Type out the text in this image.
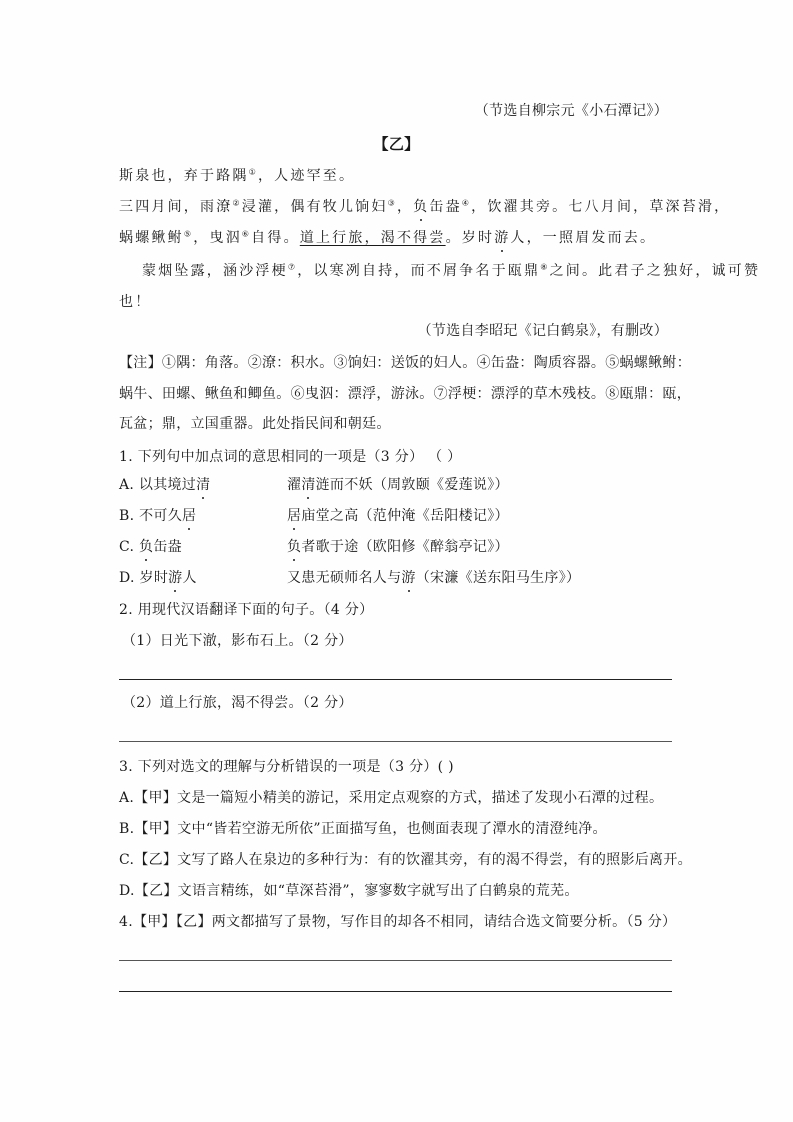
（节选自柳宗元《小石潭记》）
【乙】
斯泉也，弃于路隅①，人迹罕至。
三四月间，雨潦②浸灌，偶有牧儿饷妇③，负缶盎④，饮濯其旁。七八月间，草深苔滑，
蜗螺鳅鲋⑤，曳泅⑥自得。道上行旅，渴不得尝。岁时游人，一照眉发而去。
蒙烟坠露，涵沙浮梗⑦，以寒冽自持，而不屑争名于瓯鼎⑧之间。此君子之独好，诚可赞
也！
（节选自李昭玘《记白鹤泉》，有删改）
【注】①隅：角落。②潦：积水。③饷妇：送饭的妇人。④缶盎：陶质容器。⑤蜗螺鳅鲋：
蜗牛、田螺、鳅鱼和鲫鱼。⑥曳泅：漂浮，游泳。⑦浮梗：漂浮的草木残枝。⑧瓯鼎：瓯，
瓦盆；鼎，立国重器。此处指民间和朝廷。
1. 下列句中加点词的意思相同的一项是（3 分） （ ）
A. 以其境过清	濯清涟而不妖（周敦颐《爱莲说》）
B. 不可久居	居庙堂之高（范仲淹《岳阳楼记》）
C. 负缶盎	负者歌于途（欧阳修《醉翁亭记》）
D. 岁时游人	又患无硕师名人与游（宋濂《送东阳马生序》）
2. 用现代汉语翻译下面的句子。（4 分）
（1）日光下澈，影布石上。（2 分）
（2）道上行旅，渴不得尝。（2 分）
3. 下列对选文的理解与分析错误的一项是（3 分）( )
A.【甲】文是一篇短小精美的游记，采用定点观察的方式，描述了发现小石潭的过程。
B.【甲】文中“皆若空游无所依”正面描写鱼，也侧面表现了潭水的清澄纯净。
C.【乙】文写了路人在泉边的多种行为：有的饮濯其旁，有的渴不得尝，有的照影后离开。
D.【乙】文语言精练，如“草深苔滑”，寥寥数字就写出了白鹤泉的荒芜。
4.【甲】【乙】两文都描写了景物，写作目的却各不相同，请结合选文简要分析。（5 分）
